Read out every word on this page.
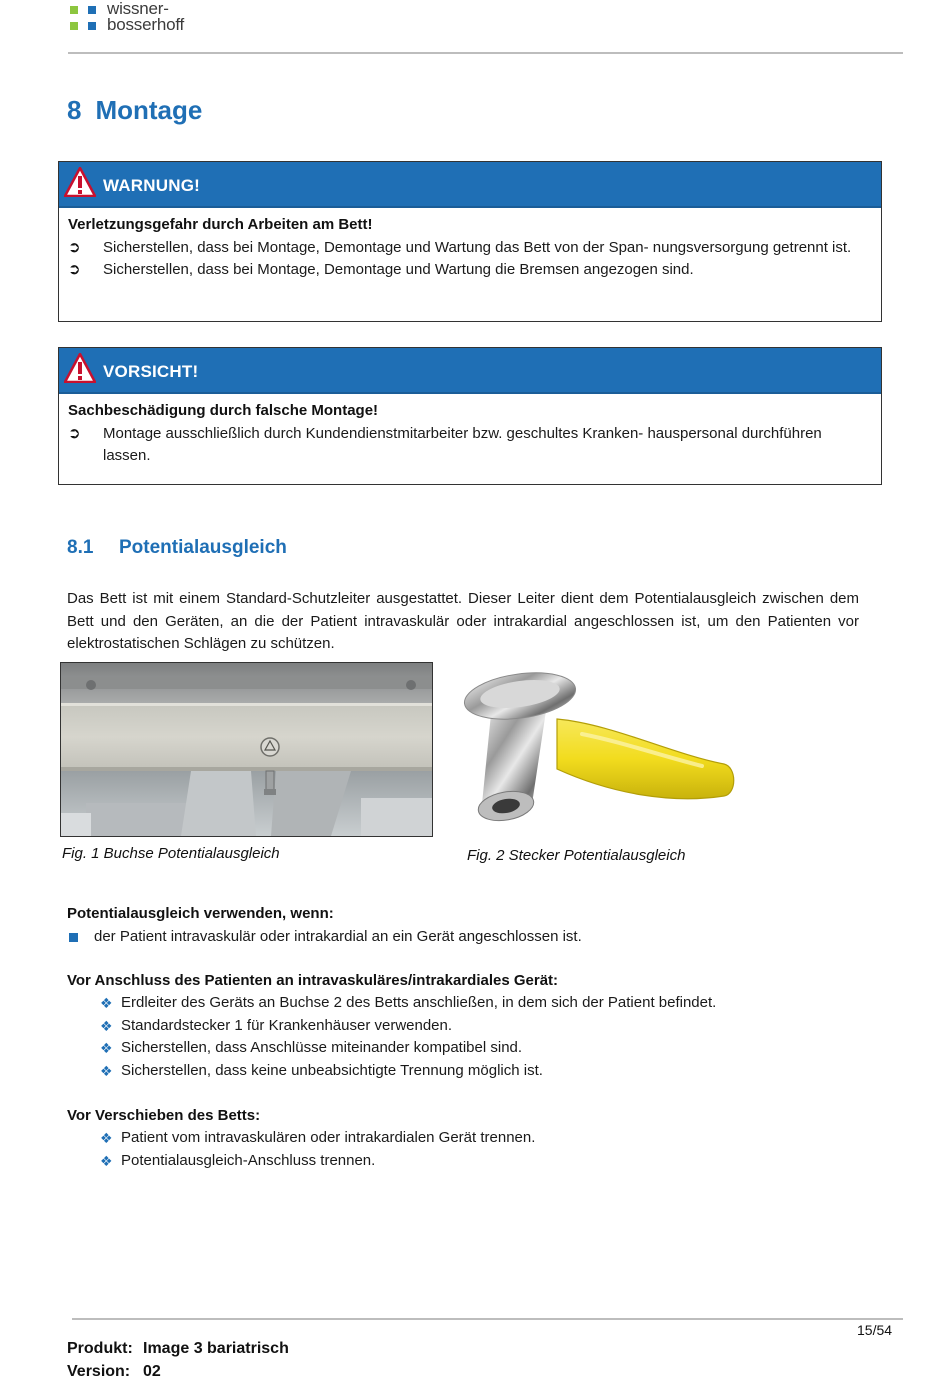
wissner-
bosserhoff
8 Montage
WARNUNG!
Verletzungsgefahr durch Arbeiten am Bett!
➲ Sicherstellen, dass bei Montage, Demontage und Wartung das Bett von der Span- nungsversorgung getrennt ist.
➲ Sicherstellen, dass bei Montage, Demontage und Wartung die Bremsen angezogen sind.
VORSICHT!
Sachbeschädigung durch falsche Montage!
➲ Montage ausschließlich durch Kundendienstmitarbeiter bzw. geschultes Kranken- hauspersonal durchführen lassen.
8.1 Potentialausgleich
Das Bett ist mit einem Standard-Schutzleiter ausgestattet. Dieser Leiter dient dem Potentialausgleich zwischen dem Bett und den Geräten, an die der Patient intravaskulär oder intrakardial angeschlossen ist, um den Patienten vor elektrostatischen Schlägen zu schützen.
Fig. 1 Buchse Potentialausgleich	Fig. 2 Stecker Potentialausgleich
Potentialausgleich verwenden, wenn:
der Patient intravaskulär oder intrakardial an ein Gerät angeschlossen ist.
Vor Anschluss des Patienten an intravaskuläres/intrakardiales Gerät:
❖ Erdleiter des Geräts an Buchse 2 des Betts anschließen, in dem sich der Patient befindet.
❖ Standardstecker 1 für Krankenhäuser verwenden.
❖ Sicherstellen, dass Anschlüsse miteinander kompatibel sind.
❖ Sicherstellen, dass keine unbeabsichtigte Trennung möglich ist.
Vor Verschieben des Betts:
❖ Patient vom intravaskulären oder intrakardialen Gerät trennen.
❖ Potentialausgleich-Anschluss trennen.
15/54
Produkt: Image 3 bariatrisch
Version: 02
